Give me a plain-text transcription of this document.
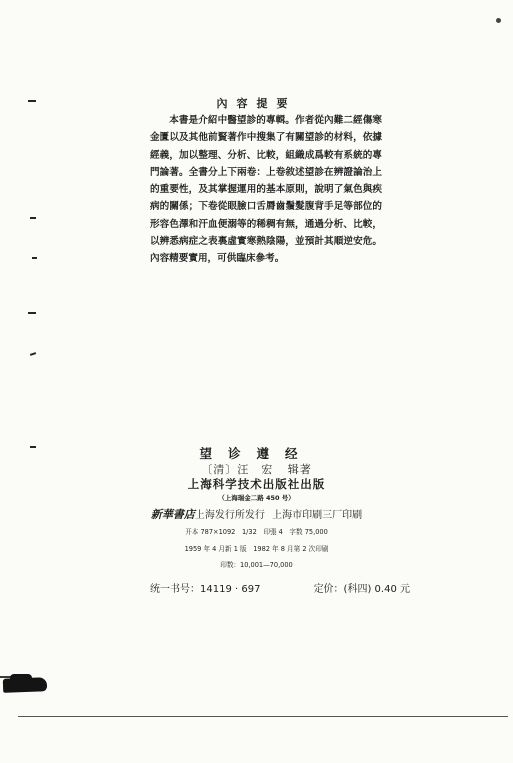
內容提要
本書是介紹中醫望診的專輯。作者從內難二經傷寒金匱以及其他前賢著作中搜集了有關望診的材料，依據經義，加以整理、分析、比較，組織成爲較有系統的專門論著。全書分上下兩卷：上卷敘述望診在辨證論治上的重要性，及其掌握運用的基本原則，說明了氣色與疾病的關係；下卷從眼臉口舌脣齒鬚髮腹背手足等部位的形容色澤和汗血便溺等的稀稠有無，通過分析、比較，以辨悉病症之表裏虛實寒熱陰陽，並預計其順逆安危。內容精要實用，可供臨床參考。
望诊遵经
〔清〕汪　宏 辑著
上海科学技术出版社出版
（上海瑞金二路 450 号）
新華書店上海发行所发行 上海市印刷三厂印刷
开本 787×1092　1/32　印張 4　字数 75,000
1959 年 4 月新 1 版　1982 年 8 月第 2 次印刷
印数：10,001—70,000
统一书号：14119 · 697	定价：(科四) 0.40 元
